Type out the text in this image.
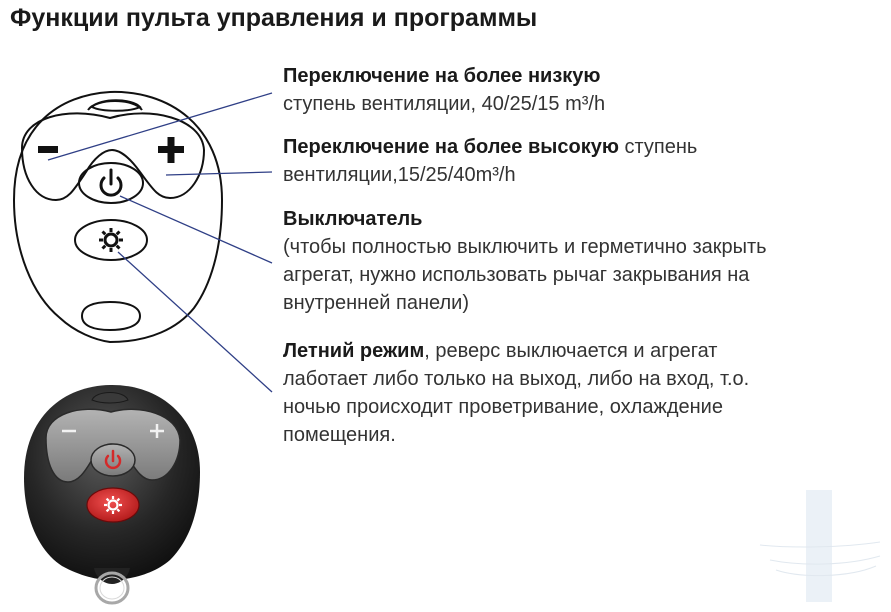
Функции пульта управления и программы
Переключение на более низкую
ступень вентиляции, 40/25/15 m³/h
Переключение на более высокую ступень
вентиляции,15/25/40m³/h
Выключатель
(чтобы полностью выключить и герметично закрыть
агрегат, нужно использовать рычаг закрывания на
внутренней панели)
Летний режим, реверс выключается и агрегат
лаботает либо только на выход, либо на вход, т.о.
ночью происходит проветривание, охлаждение
помещения.
